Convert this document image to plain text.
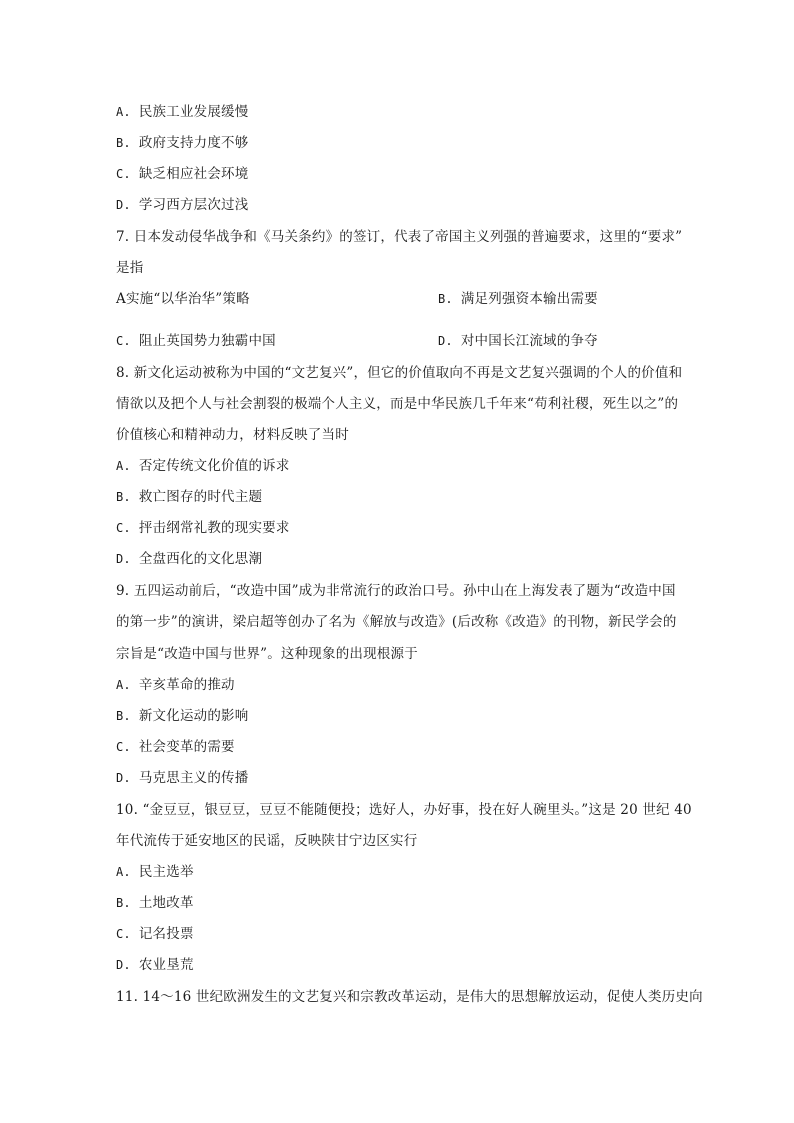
A. 民族工业发展缓慢
B. 政府支持力度不够
C. 缺乏相应社会环境
D. 学习西方层次过浅
7. 日本发动侵华战争和《马关条约》的签订，代表了帝国主义列强的普遍要求，这里的“要求”
是指
A实施“以华治华”策略	B. 满足列强资本输出需要
C. 阻止英国势力独霸中国	D. 对中国长江流域的争夺
8. 新文化运动被称为中国的“文艺复兴”，但它的价值取向不再是文艺复兴强调的个人的价值和
情欲以及把个人与社会割裂的极端个人主义，而是中华民族几千年来“苟利社稷，死生以之”的
价值核心和精神动力，材料反映了当时
A. 否定传统文化价值的诉求
B. 救亡图存的时代主题
C. 抨击纲常礼教的现实要求
D. 全盘西化的文化思潮
9. 五四运动前后，“改造中国”成为非常流行的政治口号。孙中山在上海发表了题为“改造中国
的第一步”的演讲，梁启超等创办了名为《解放与改造》(后改称《改造》的刊物，新民学会的
宗旨是“改造中国与世界”。这种现象的出现根源于
A. 辛亥革命的推动
B. 新文化运动的影响
C. 社会变革的需要
D. 马克思主义的传播
10. “金豆豆，银豆豆，豆豆不能随便投；选好人，办好事，投在好人碗里头。”这是 20 世纪 40
年代流传于延安地区的民谣，反映陕甘宁边区实行
A. 民主选举
B. 土地改革
C. 记名投票
D. 农业垦荒
11. 14～16 世纪欧洲发生的文艺复兴和宗教改革运动，是伟大的思想解放运动，促使人类历史向
